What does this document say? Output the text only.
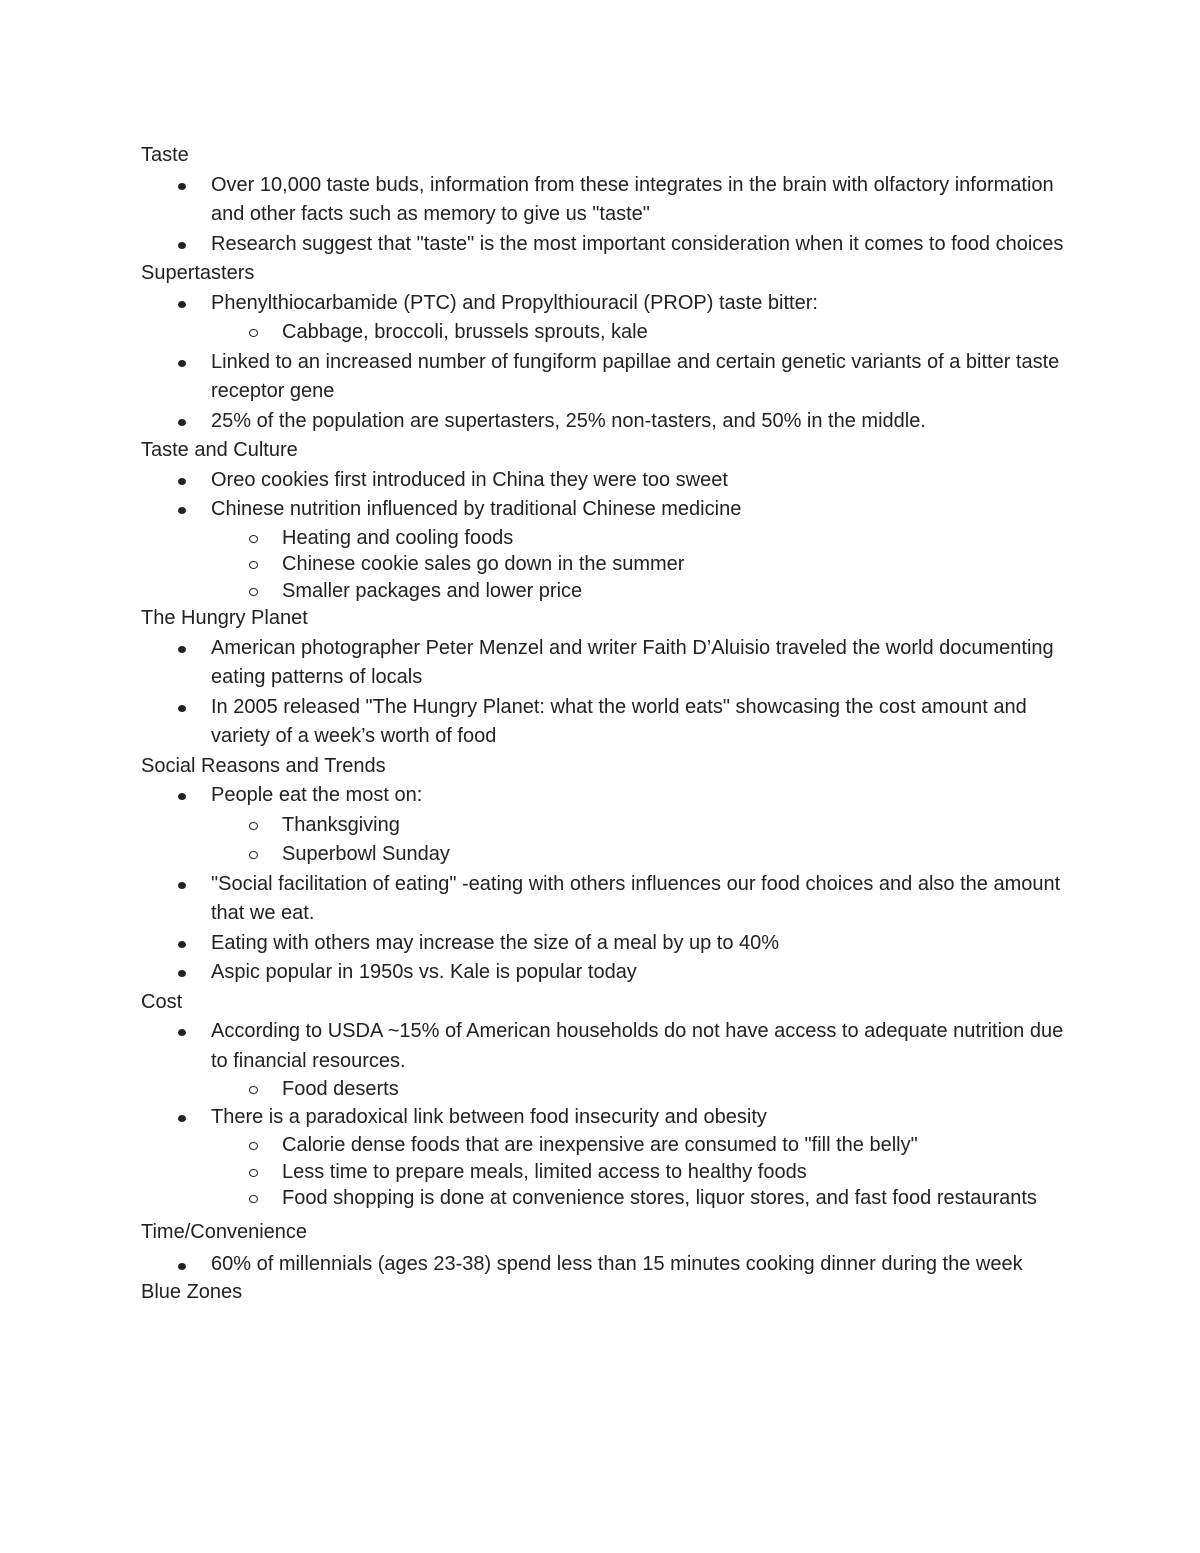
Taste

Over 10,000 taste buds, information from these integrates in the brain with olfactory information and other facts such as memory to give us "taste"
Research suggest that "taste" is the most important consideration when it comes to food choices

Supertasters

Phenylthiocarbamide (PTC) and Propylthiouracil (PROP) taste bitter:
Cabbage, broccoli, brussels sprouts, kale
Linked to an increased number of fungiform papillae and certain genetic variants of a bitter taste receptor gene
25% of the population are supertasters, 25% non-tasters, and 50% in the middle.

Taste and Culture

Oreo cookies first introduced in China they were too sweet
Chinese nutrition influenced by traditional Chinese medicine
Heating and cooling foods
Chinese cookie sales go down in the summer
Smaller packages and lower price

The Hungry Planet

American photographer Peter Menzel and writer Faith D’Aluisio traveled the world documenting eating patterns of locals
In 2005 released "The Hungry Planet: what the world eats" showcasing the cost amount and variety of a week’s worth of food

Social Reasons and Trends

People eat the most on:
Thanksgiving
Superbowl Sunday
"Social facilitation of eating" -eating with others influences our food choices and also the amount that we eat.
Eating with others may increase the size of a meal by up to 40%
Aspic popular in 1950s vs. Kale is popular today

Cost

According to USDA ~15% of American households do not have access to adequate nutrition due to financial resources.
Food deserts
There is a paradoxical link between food insecurity and obesity
Calorie dense foods that are inexpensive are consumed to "fill the belly"
Less time to prepare meals, limited access to healthy foods
Food shopping is done at convenience stores, liquor stores, and fast food restaurants

Time/Convenience

60% of millennials (ages 23-38) spend less than 15 minutes cooking dinner during the week

Blue Zones
